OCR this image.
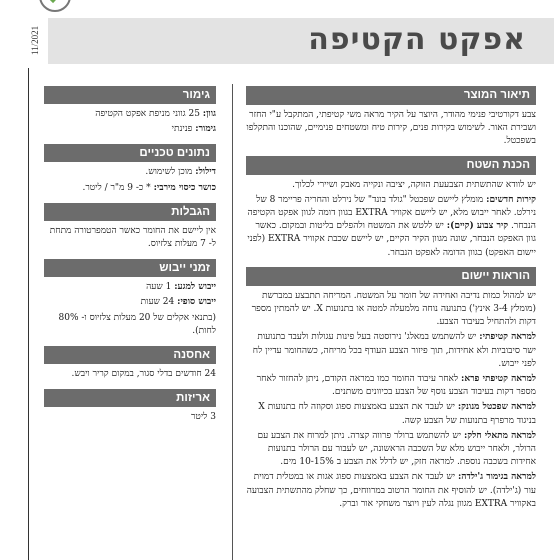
11/2021	אפקט הקטיפה
תיאור המוצר

צבע דקורטיבי פנימי מהודר, היוצר על הקיר מראה משי קטיפתי, המתקבל ע"י החזר ושבירת האור. לשימוש בקירות פנים, קירות טיח ומשטחים פנימיים, שהוכנו והתקלפו בשפכטל.

הכנת השטח

יש לוודא שהתשתית הצבעעת הזוקה, יציבה ונקייה מאבק ושיירי לכלוך.

קירות חדשים: מומלץ ליישם שפכטל "גולד בונד" של נירלט והחריה פריימר 8 של נירלט. לאחר ייבוש מלא, יש ליישם אקוויר EXTRA בגוון דומה לגוון אפקט הקטיפה הנבחר. קיר צבוע (קיים): יש ללטש את המשטח ולהפלים בליטות ובמקום. כאשר גוון האפקט הנבחר, שונה מגוון הקיר הקיים, יש ליישם שכבת אקוויר EXTRA (לפני יישום האפקט) בגוון הדומה לאפקט הנבחר.

הוראות יישום

יש למהול כמות נדיבה ואחידה של חומר על המשטח. המריחה תתבצע במברשת (מומלץ 3-4 אינץ') בתנועה נוחה מלמעלה למטה או בתנועות X. יש להמתין מספר דקות ולהתחיל בעיבוד הצבע.

למראה קטיפתי: יש להשתמש במאלג' נירוסטה בעל פינות עגולות ולעבד בתנועות ישר סיבוביות ולא אחידות, תוך פיזור הצבע העודף בכל מריחה, כשהחומר עדיין לח לפני ייבוש.

למראה קטיפתי פרא: לאחר עיבוד החומר כמו במראה הקודם, ניתן להחזור לאחר מספר דקות בעיבוד הצבע נוסף של הצבע בכיוונים משתנים.

למראה שפכטל מנונק: יש לעבד את הצבע באמצעות ספוג וסקוזה לח בתנועות X בניגוד מרפרף בתנועות של הצבע קשה.

למראה מתאלי חלק: יש להשתמש ברולר פרווה קצרה. ניתן למרוח את הצבע עם הרולר, ולאחר ייבוש מלא של השכבה הראשונה, יש לעבור עם הרולר בתנועות אחידות בשכבה נוספת. למראה חזק, יש לדלל את הצבע ב 10-15% מים.

למראה בגימור ג'ילדה: יש לעבד את הצבע באמצעות ספוג אגות או במטלית דמוית עור (ג'ילדה). יש להוסיף את החומר הרטוב במרווחים, כך שחלק מהתשתית הצבועה באקוויר EXTRA מגוון נגלה לעין ויוצר משחקי אור וברק.

גימור

גוון: 25 גווני מניפת אפקט הקטיפה

גימור: פנינתי

נתונים טכניים

דילול: מוכן לשימוש.

כושר כיסוי מירבי: * כ- 9 מ"ר / ליטר.

הגבלות

אין ליישם את החומר כאשר הטמפרטורה מתחת ל- 7 מעלות צלזיוס.

זמני ייבוש

ייבוש למגע: 1 שעה

ייבוש סופי: 24 שעות

(בתנאי אקלים של 20 מעלות צלזיוס ו- 80% לחות).

אחסנה

24 חודשים בדלי סגור, במקום קריר ויבש.

אריזות

3 ליטר
